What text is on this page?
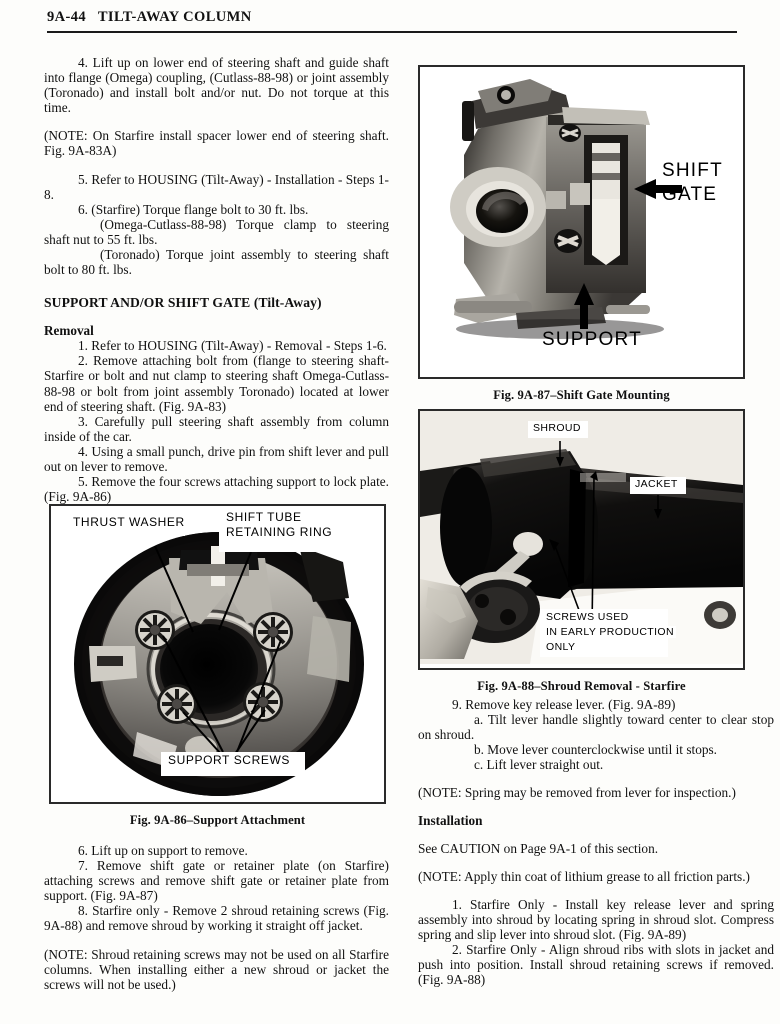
9A-44   TILT-AWAY COLUMN

4. Lift up on lower end of steering shaft and guide shaft into flange (Omega) coupling, (Cutlass-88-98) or joint assembly (Toronado) and install bolt and/or nut. Do not torque at this time.

(NOTE: On Starfire install spacer lower end of steering shaft. Fig. 9A-83A)

5. Refer to HOUSING (Tilt-Away) - Installation - Steps 1-8.

6. (Starfire) Torque flange bolt to 30 ft. lbs.

(Omega-Cutlass-88-98) Torque clamp to steering shaft nut to 55 ft. lbs.

(Toronado) Torque joint assembly to steering shaft bolt to 80 ft. lbs.

SUPPORT AND/OR SHIFT GATE (Tilt-Away)
Removal

1. Refer to HOUSING (Tilt-Away) - Removal - Steps 1-6.

2. Remove attaching bolt from (flange to steering shaft-Starfire or bolt and nut clamp to steering shaft Omega-Cutlass-88-98 or bolt from joint assembly Toronado) located at lower end of steering shaft. (Fig. 9A-83)

3. Carefully pull steering shaft assembly from column inside of the car.

4. Using a small punch, drive pin from shift lever and pull out on lever to remove.

5. Remove the four screws attaching support to lock plate. (Fig. 9A-86)

THRUST WASHER	SHIFT TUBE
RETAINING RING
SUPPORT SCREWS
Fig. 9A-86–Support Attachment

6. Lift up on support to remove.

7. Remove shift gate or retainer plate (on Starfire) attaching screws and remove shift gate or retainer plate from support. (Fig. 9A-87)

8. Starfire only - Remove 2 shroud retaining screws (Fig. 9A-88) and remove shroud by working it straight off jacket.

(NOTE: Shroud retaining screws may not be used on all Starfire columns. When installing either a new shroud or jacket the screws will not be used.)

SHIFT
GATE
SUPPORT
Fig. 9A-87–Shift Gate Mounting
SHROUD
JACKET
SCREWS USED
IN EARLY PRODUCTION
ONLY
Fig. 9A-88–Shroud Removal - Starfire

9. Remove key release lever. (Fig. 9A-89)

a. Tilt lever handle slightly toward center to clear stop on shroud.

b. Move lever counterclockwise until it stops.

c. Lift lever straight out.

(NOTE: Spring may be removed from lever for inspection.)

Installation

See CAUTION on Page 9A-1 of this section.

(NOTE: Apply thin coat of lithium grease to all friction parts.)

1. Starfire Only - Install key release lever and spring assembly into shroud by locating spring in shroud slot. Compress spring and slip lever into shroud slot. (Fig. 9A-89)

2. Starfire Only - Align shroud ribs with slots in jacket and push into position. Install shroud retaining screws if removed. (Fig. 9A-88)
